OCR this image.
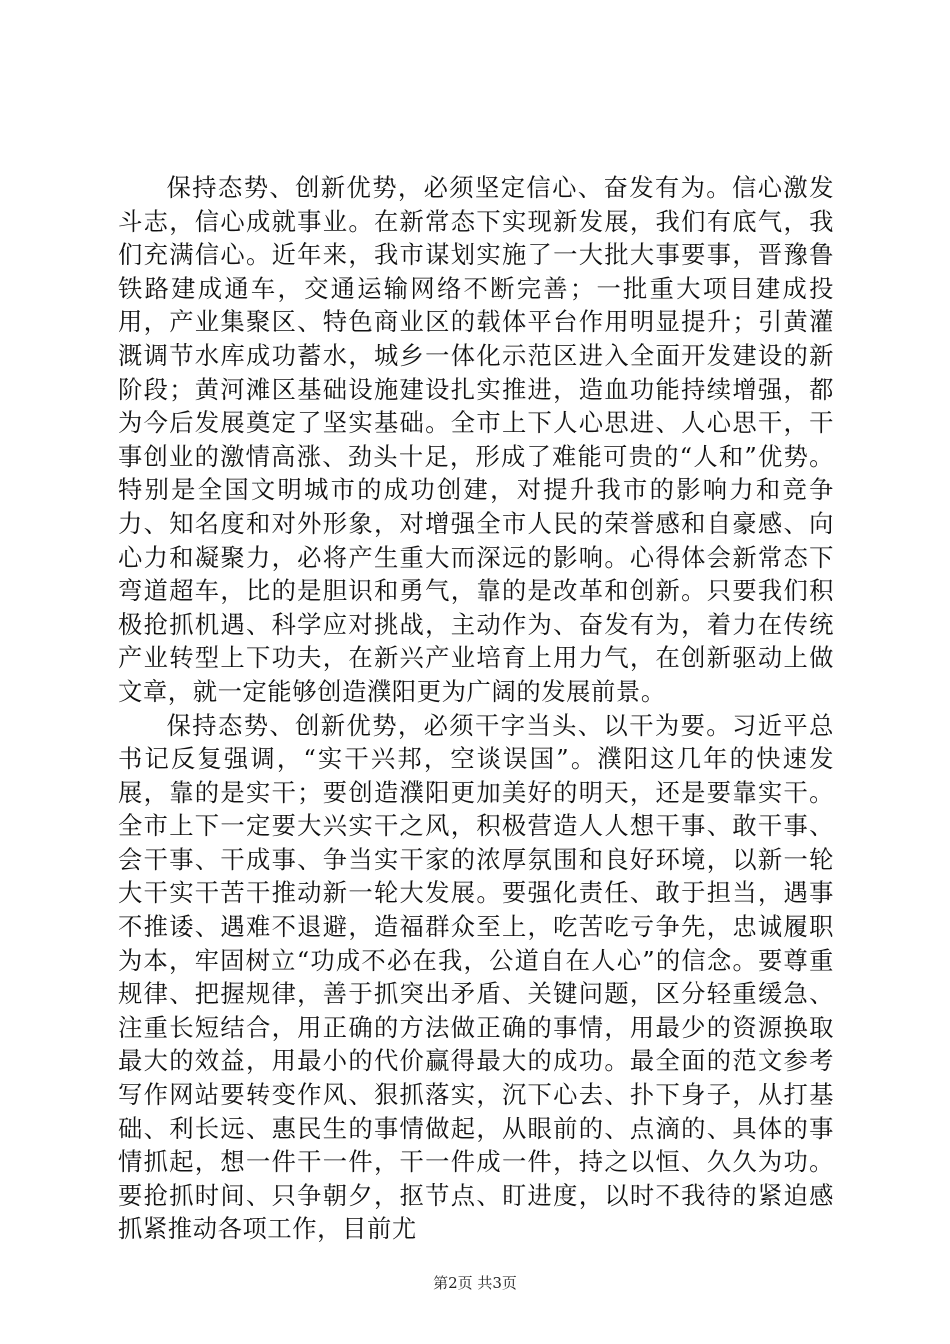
保持态势、创新优势，必须坚定信心、奋发有为。信心激发斗志，信心成就事业。在新常态下实现新发展，我们有底气，我们充满信心。近年来，我市谋划实施了一大批大事要事，晋豫鲁铁路建成通车，交通运输网络不断完善；一批重大项目建成投用，产业集聚区、特色商业区的载体平台作用明显提升；引黄灌溉调节水库成功蓄水，城乡一体化示范区进入全面开发建设的新阶段；黄河滩区基础设施建设扎实推进，造血功能持续增强，都为今后发展奠定了坚实基础。全市上下人心思进、人心思干，干事创业的激情高涨、劲头十足，形成了难能可贵的“人和”优势。特别是全国文明城市的成功创建，对提升我市的影响力和竞争力、知名度和对外形象，对增强全市人民的荣誉感和自豪感、向心力和凝聚力，必将产生重大而深远的影响。心得体会新常态下弯道超车，比的是胆识和勇气，靠的是改革和创新。只要我们积极抢抓机遇、科学应对挑战，主动作为、奋发有为，着力在传统产业转型上下功夫，在新兴产业培育上用力气，在创新驱动上做文章，就一定能够创造濮阳更为广阔的发展前景。

保持态势、创新优势，必须干字当头、以干为要。习近平总书记反复强调，“实干兴邦，空谈误国”。濮阳这几年的快速发展，靠的是实干；要创造濮阳更加美好的明天，还是要靠实干。全市上下一定要大兴实干之风，积极营造人人想干事、敢干事、会干事、干成事、争当实干家的浓厚氛围和良好环境，以新一轮大干实干苦干推动新一轮大发展。要强化责任、敢于担当，遇事不推诿、遇难不退避，造福群众至上，吃苦吃亏争先，忠诚履职为本，牢固树立“功成不必在我，公道自在人心”的信念。要尊重规律、把握规律，善于抓突出矛盾、关键问题，区分轻重缓急、注重长短结合，用正确的方法做正确的事情，用最少的资源换取最大的效益，用最小的代价赢得最大的成功。最全面的范文参考写作网站要转变作风、狠抓落实，沉下心去、扑下身子，从打基础、利长远、惠民生的事情做起，从眼前的、点滴的、具体的事情抓起，想一件干一件，干一件成一件，持之以恒、久久为功。要抢抓时间、只争朝夕，抠节点、盯进度，以时不我待的紧迫感抓紧推动各项工作，目前尤

第2页 共3页
